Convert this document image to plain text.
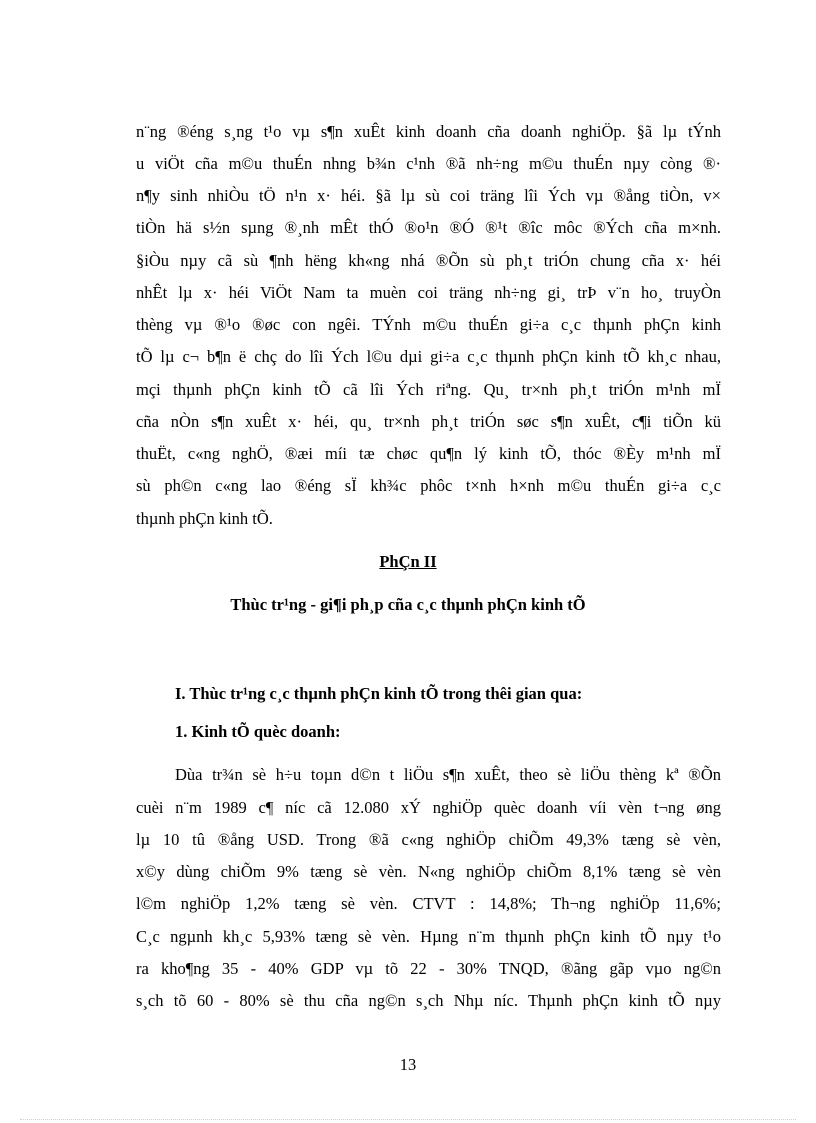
n¨ng ®éng s¸ng t¹o vµ s¶n xuÊt kinh doanh cña doanh nghiÖp. §ã lµ tÝnh
u viÖt cña m©u thuÉn nhng b¾n c¹nh ®ã nh÷ng m©u thuÉn nµy còng ®·
n¶y sinh nhiÒu tÖ n¹n x· héi. §ã lµ sù coi träng lîi Ých vµ ®ång tiÒn, v×
tiÒn hä s½n sµng ®¸nh mÊt thÓ ®o¹n ®Ó ®¹t ®îc môc ®Ých cña m×nh.
§iÒu nµy cã sù ¶nh hëng kh«ng nhá ®Õn sù ph¸t triÓn chung cña x· héi
nhÊt lµ x· héi ViÖt Nam ta muèn coi träng nh÷ng gi¸ trÞ v¨n ho¸ truyÒn
thèng vµ ®¹o ®øc con ngêi. TÝnh m©u thuÉn gi÷a c¸c thµnh phÇn kinh
tÕ lµ c¬ b¶n ë chç do lîi Ých l©u dµi gi÷a c¸c thµnh phÇn kinh tÕ kh¸c nhau,
mçi thµnh phÇn kinh tÕ cã lîi Ých riªng. Qu¸ tr×nh ph¸t triÓn m¹nh mÏ
cña nÒn s¶n xuÊt x· héi, qu¸ tr×nh ph¸t triÓn søc s¶n xuÊt, c¶i tiÕn kü
thuËt, c«ng nghÖ, ®æi míi tæ chøc qu¶n lý kinh tÕ, thóc ®Èy m¹nh mÏ
sù ph©n c«ng lao ®éng sÏ kh¾c phôc t×nh h×nh m©u thuÉn gi÷a c¸c
thµnh phÇn kinh tÕ.
PhÇn II
Thùc tr¹ng - gi¶i ph¸p cña c¸c thµnh phÇn kinh tÕ
I. Thùc tr¹ng c¸c thµnh phÇn kinh tÕ trong thêi gian qua:
1. Kinh tÕ quèc doanh:
Dùa tr¾n sè h÷u toµn d©n t liÖu s¶n xuÊt, theo sè liÖu thèng kª ®Õn
cuèi n¨m 1989 c¶ níc cã 12.080 xÝ nghiÖp quèc doanh víi vèn t¬ng øng
lµ 10 tû ®ång USD. Trong ®ã c«ng nghiÖp chiÕm 49,3% tæng sè vèn,
x©y dùng chiÕm 9% tæng sè vèn. N«ng nghiÖp chiÕm 8,1% tæng sè vèn
l©m nghiÖp 1,2% tæng sè vèn. CTVT : 14,8%; Th¬ng nghiÖp 11,6%;
C¸c ngµnh kh¸c 5,93% tæng sè vèn. Hµng n¨m thµnh phÇn kinh tÕ nµy t¹o
ra kho¶ng 35 - 40% GDP vµ tõ 22 - 30% TNQD, ®ãng gãp vµo ng©n
s¸ch tõ 60 - 80% sè thu cña ng©n s¸ch Nhµ níc. Thµnh phÇn kinh tÕ nµy
13
